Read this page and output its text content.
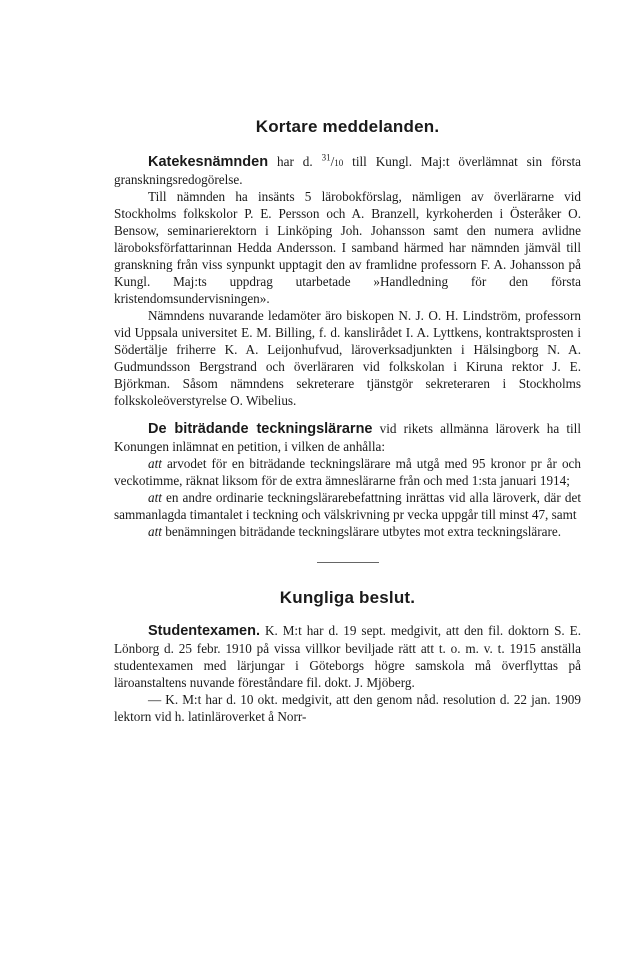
Kortare meddelanden.

Katekesnämnden har d. $^{31}$/10 till Kungl. Maj:t överlämnat sin första granskningsredogörelse.

Till nämnden ha insänts 5 lärobokförslag, nämligen av överlärarne vid Stockholms folkskolor P. E. Persson och A. Branzell, kyrkoherden i Österåker O. Bensow, seminarierektorn i Linköping Joh. Johansson samt den numera avlidne läroboksförfattarinnan Hedda Andersson. I samband härmed har nämnden jämväl till granskning från viss synpunkt upptagit den av framlidne professorn F. A. Johansson på Kungl. Maj:ts uppdrag utarbetade »Handledning för den första kristendomsundervisningen».

Nämndens nuvarande ledamöter äro biskopen N. J. O. H. Lindström, professorn vid Uppsala universitet E. M. Billing, f. d. kanslirådet I. A. Lyttkens, kontraktsprosten i Södertälje friherre K. A. Leijonhufvud, läroverksadjunkten i Hälsingborg N. A. Gudmundsson Bergstrand och överläraren vid folkskolan i Kiruna rektor J. E. Björkman. Såsom nämndens sekreterare tjänstgör sekreteraren i Stockholms folkskoleöverstyrelse O. Wibelius.

De biträdande teckningslärarne vid rikets allmänna läroverk ha till Konungen inlämnat en petition, i vilken de anhålla:

att arvodet för en biträdande teckningslärare må utgå med 95 kronor pr år och veckotimme, räknat liksom för de extra ämneslärarne från och med 1:sta januari 1914;

att en andre ordinarie teckningslärarebefattning inrättas vid alla läroverk, där det sammanlagda timantalet i teckning och välskrivning pr vecka uppgår till minst 47, samt

att benämningen biträdande teckningslärare utbytes mot extra teckningslärare.

Kungliga beslut.

Studentexamen. K. M:t har d. 19 sept. medgivit, att den fil. doktorn S. E. Lönborg d. 25 febr. 1910 på vissa villkor beviljade rätt att t. o. m. v. t. 1915 anställa studentexamen med lärjungar i Göteborgs högre samskola må överflyttas på läroanstaltens nuvande föreståndare fil. dokt. J. Mjöberg.

— K. M:t har d. 10 okt. medgivit, att den genom nåd. resolution d. 22 jan. 1909 lektorn vid h. latinläroverket å Norr-
